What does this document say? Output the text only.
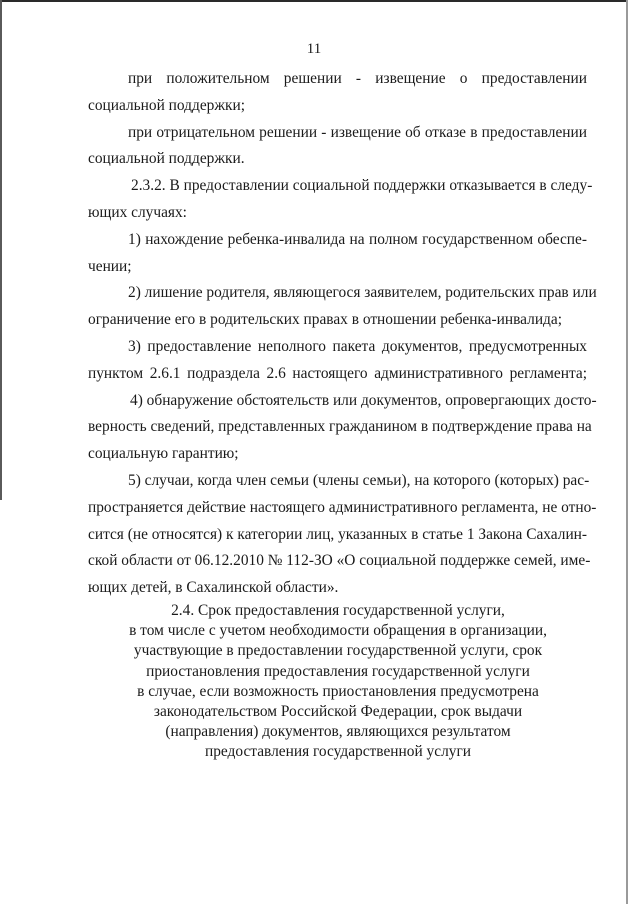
11
при положительном решении - извещение о предоставлении
социальной поддержки;
при отрицательном решении - извещение об отказе в предоставлении
социальной поддержки.
2.3.2. В предоставлении социальной поддержки отказывается в следу-
ющих случаях:
1) нахождение ребенка-инвалида на полном государственном обеспе-
чении;
2) лишение родителя, являющегося заявителем, родительских прав или
ограничение его в родительских правах в отношении ребенка-инвалида;
3) предоставление неполного пакета документов, предусмотренных
пунктом 2.6.1 подраздела 2.6 настоящего административного регламента;
4) обнаружение обстоятельств или документов, опровергающих досто-
верность сведений, представленных гражданином в подтверждение права на
социальную гарантию;
5) случаи, когда член семьи (члены семьи), на которого (которых) рас-
пространяется действие настоящего административного регламента, не отно-
сится (не относятся) к категории лиц, указанных в статье 1 Закона Сахалин-
ской области от 06.12.2010 № 112-ЗО «О социальной поддержке семей, име-
ющих детей, в Сахалинской области».
2.4. Срок предоставления государственной услуги,
в том числе с учетом необходимости обращения в организации,
участвующие в предоставлении государственной услуги, срок
приостановления предоставления государственной услуги
в случае, если возможность приостановления предусмотрена
законодательством Российской Федерации, срок выдачи
(направления) документов, являющихся результатом
предоставления государственной услуги
